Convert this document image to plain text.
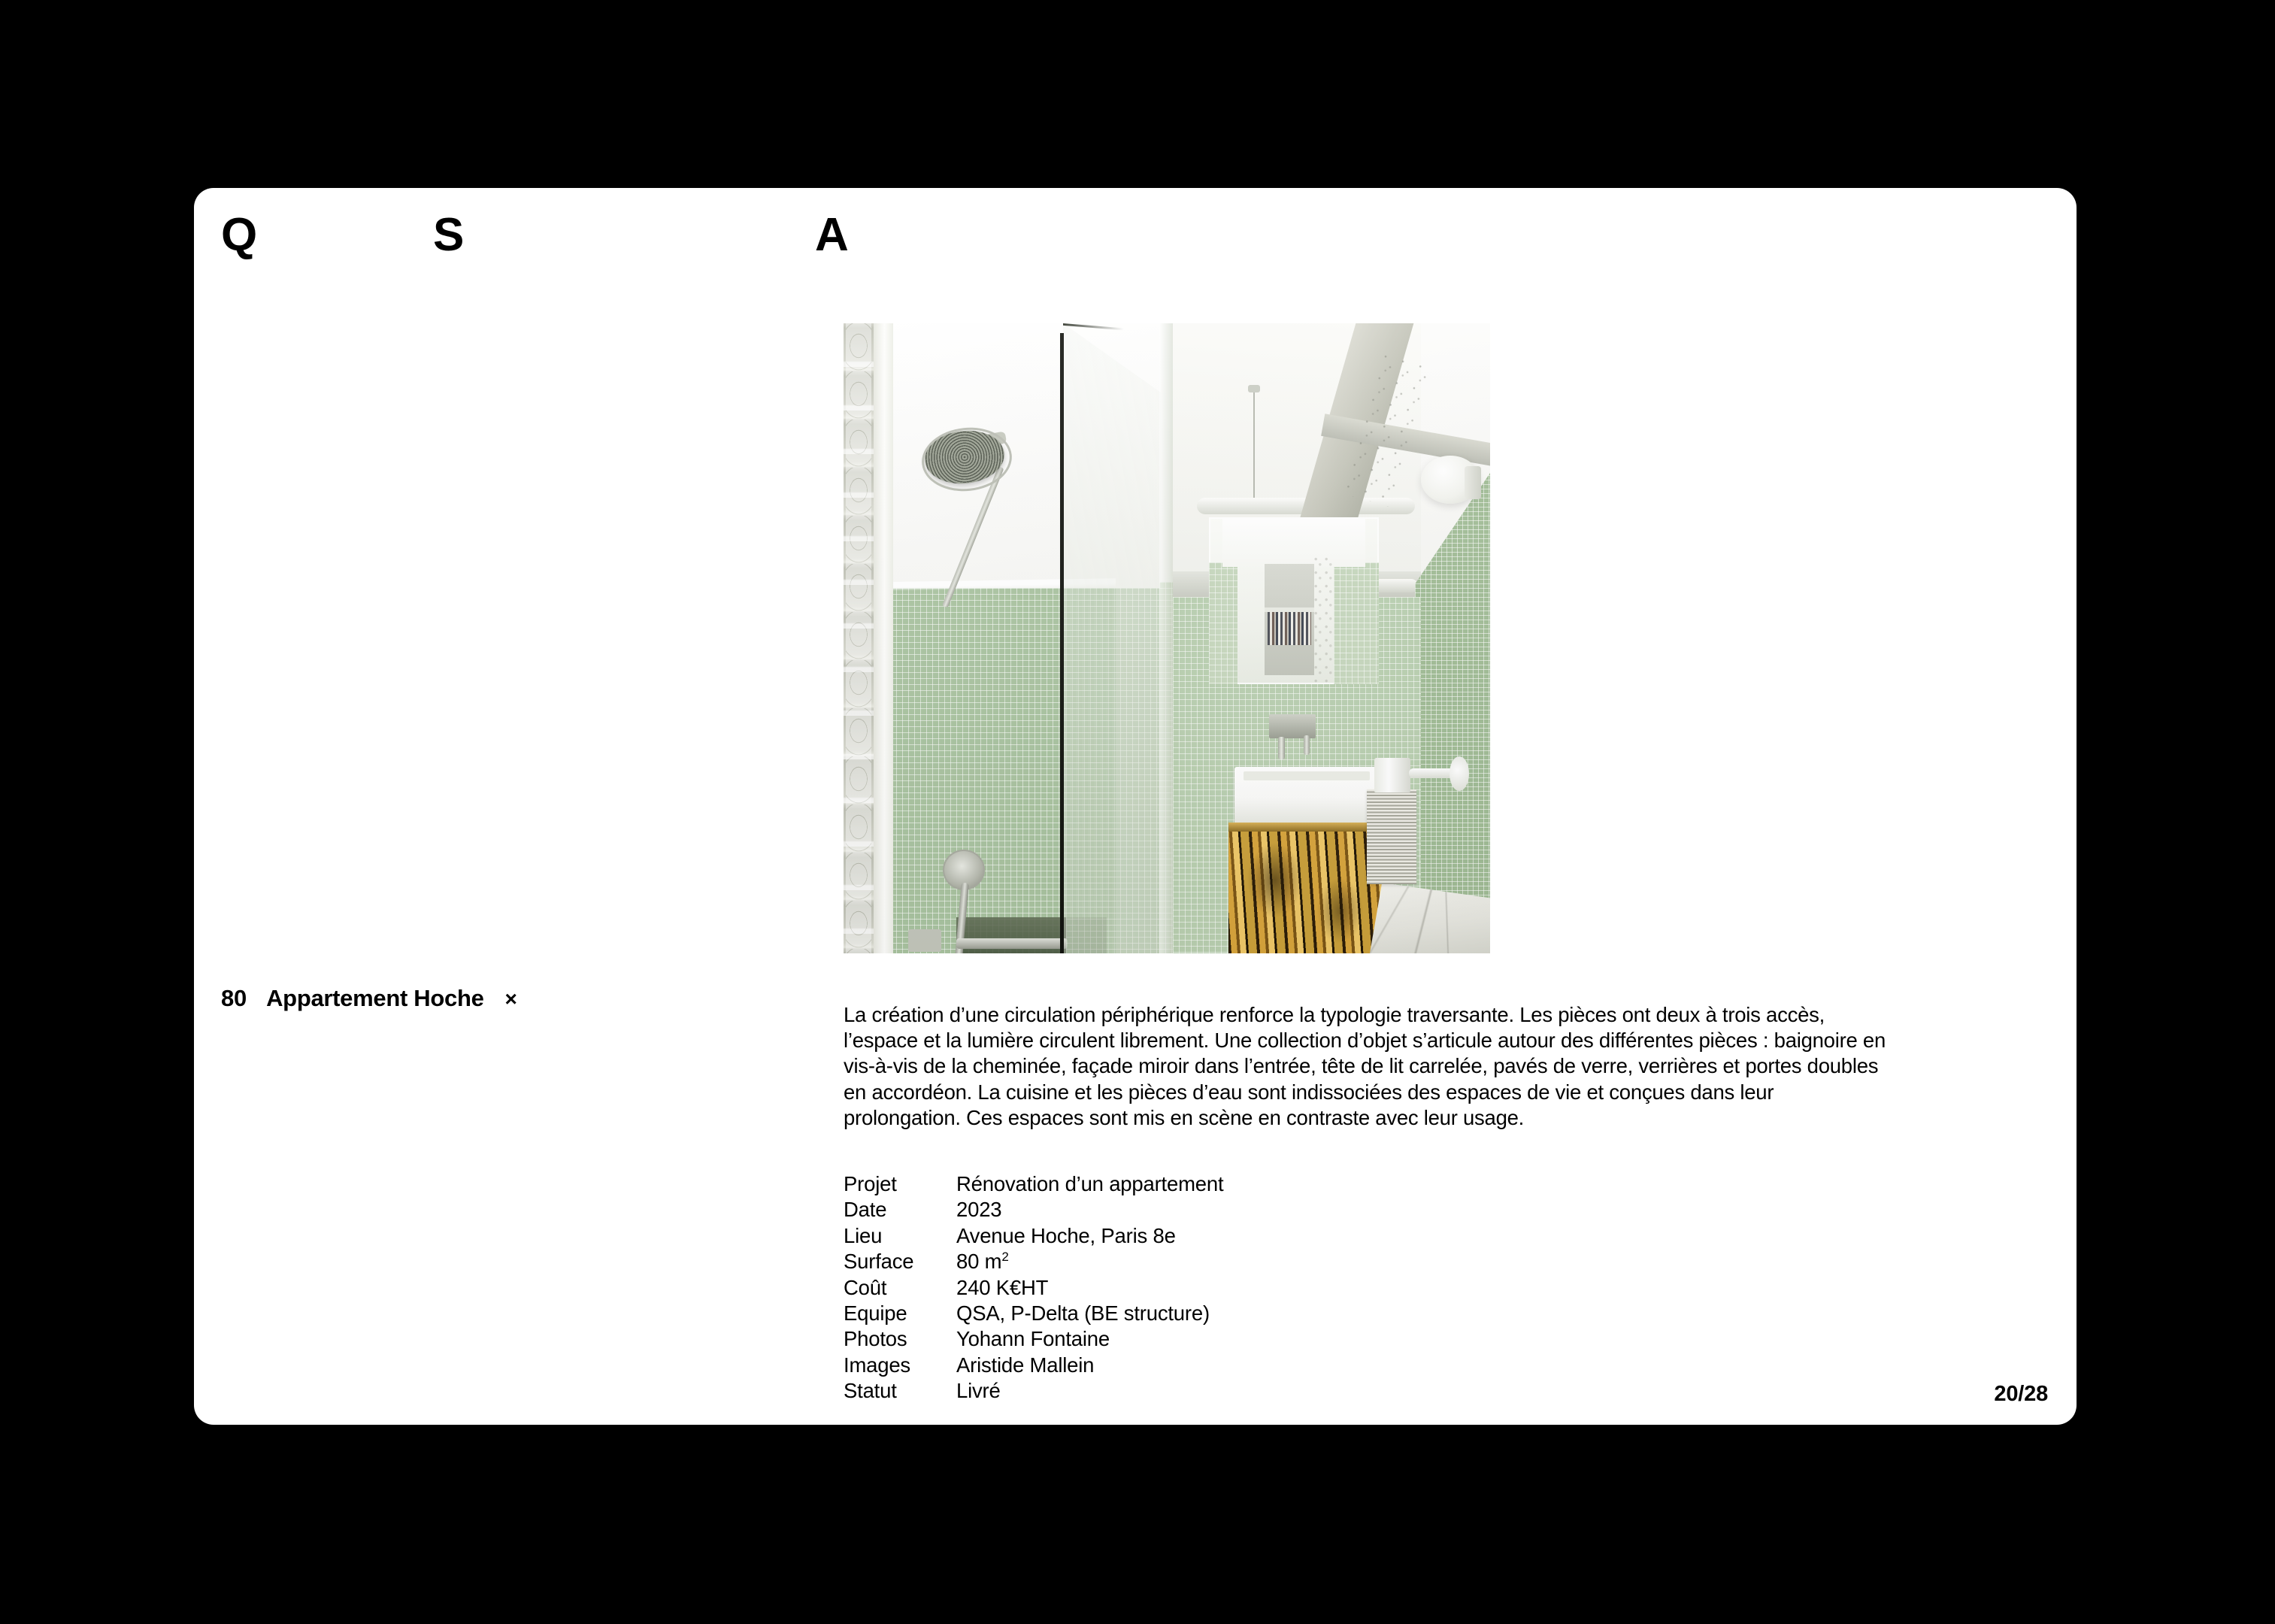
Q	S	A
80 Appartement Hoche ×

La création d’une circulation périphérique renforce la typologie traversante. Les pièces ont deux à trois accès, l’espace et la lumière circulent librement. Une collection d’objet s’articule autour des différentes pièces : baignoire en vis-à-vis de la cheminée, façade miroir dans l’entrée, tête de lit carrelée, pavés de verre, verrières et portes doubles en accordéon. La cuisine et les pièces d’eau sont indissociées des espaces de vie et conçues dans leur prolongation. Ces espaces sont mis en scène en contraste avec leur usage.

Projet	Rénovation d’un appartement
Date	2023
Lieu	Avenue Hoche, Paris 8e
Surface	80 $m^2$
Coût	240 K€HT
Equipe	QSA, P-Delta (BE structure)
Photos	Yohann Fontaine
Images	Aristide Mallein
Statut	Livré	20/28
